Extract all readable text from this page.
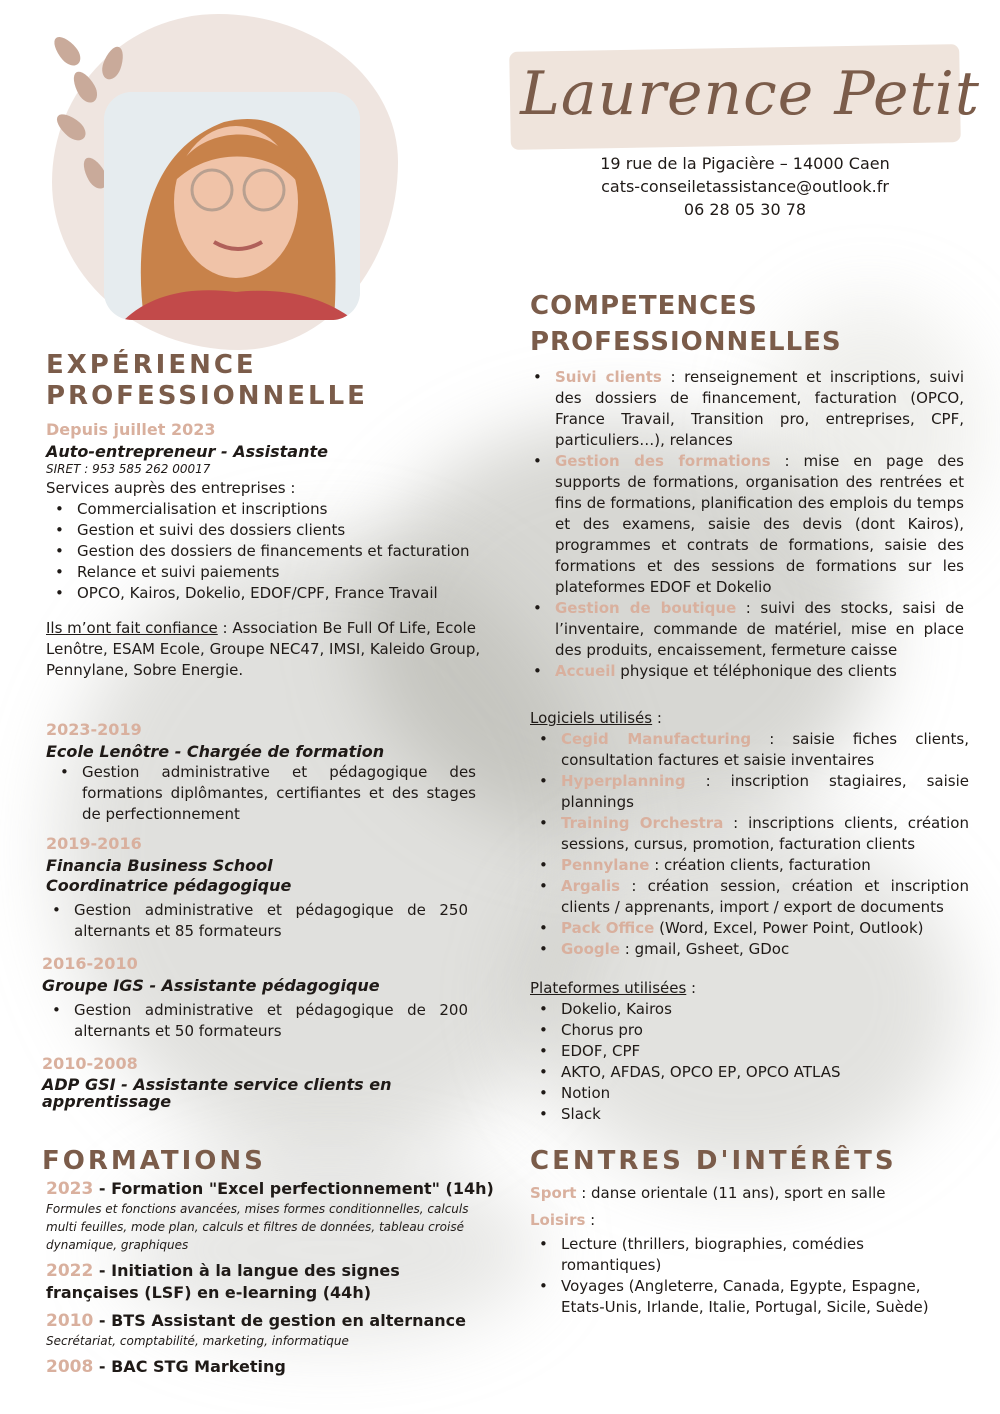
Laurence Petit
19 rue de la Pigacière – 14000 Caen
cats-conseiletassistance@outlook.fr
06 28 05 30 78
EXPÉRIENCE
PROFESSIONNELLE
Depuis juillet 2023
Auto-entrepreneur - Assistante
SIRET : 953 585 262 00017
Services auprès des entreprises :
• Commercialisation et inscriptions
• Gestion et suivi des dossiers clients
• Gestion des dossiers de financements et facturation
• Relance et suivi paiements
• OPCO, Kairos, Dokelio, EDOF/CPF, France Travail
Ils m’ont fait confiance : Association Be Full Of Life, Ecole Lenôtre, ESAM Ecole, Groupe NEC47, IMSI, Kaleido Group, Pennylane, Sobre Energie.
2023-2019
Ecole Lenôtre - Chargée de formation
• Gestion administrative et pédagogique des formations diplômantes, certifiantes et des stages de perfectionnement
2019-2016
Financia Business School
Coordinatrice pédagogique
• Gestion administrative et pédagogique de 250 alternants et 85 formateurs
2016-2010
Groupe IGS - Assistante pédagogique
• Gestion administrative et pédagogique de 200 alternants et 50 formateurs
2010-2008
ADP GSI - Assistante service clients en
apprentissage
FORMATIONS
2023 - Formation "Excel perfectionnement" (14h)
Formules et fonctions avancées, mises formes conditionnelles, calculs multi feuilles, mode plan, calculs et filtres de données, tableau croisé dynamique, graphiques
2022 - Initiation à la langue des signes françaises (LSF) en e-learning (44h)
2010 - BTS Assistant de gestion en alternance
Secrétariat, comptabilité, marketing, informatique
2008 - BAC STG Marketing
COMPETENCES
PROFESSIONNELLES
• Suivi clients : renseignement et inscriptions, suivi des dossiers de financement, facturation (OPCO, France Travail, Transition pro, entreprises, CPF, particuliers…), relances
• Gestion des formations : mise en page des supports de formations, organisation des rentrées et fins de formations, planification des emplois du temps et des examens, saisie des devis (dont Kairos), programmes et contrats de formations, saisie des formations et des sessions de formations sur les plateformes EDOF et Dokelio
• Gestion de boutique : suivi des stocks, saisi de l’inventaire, commande de matériel, mise en place des produits, encaissement, fermeture caisse
• Accueil physique et téléphonique des clients
Logiciels utilisés :
• Cegid Manufacturing : saisie fiches clients, consultation factures et saisie inventaires
• Hyperplanning : inscription stagiaires, saisie plannings
• Training Orchestra : inscriptions clients, création sessions, cursus, promotion, facturation clients
• Pennylane : création clients, facturation
• Argalis : création session, création et inscription clients / apprenants, import / export de documents
• Pack Office (Word, Excel, Power Point, Outlook)
• Google : gmail, Gsheet, GDoc
Plateformes utilisées :
• Dokelio, Kairos
• Chorus pro
• EDOF, CPF
• AKTO, AFDAS, OPCO EP, OPCO ATLAS
• Notion
• Slack
CENTRES D'INTÉRÊTS
Sport : danse orientale (11 ans), sport en salle
Loisirs :
• Lecture (thrillers, biographies, comédies romantiques)
• Voyages (Angleterre, Canada, Egypte, Espagne, Etats-Unis, Irlande, Italie, Portugal, Sicile, Suède)
